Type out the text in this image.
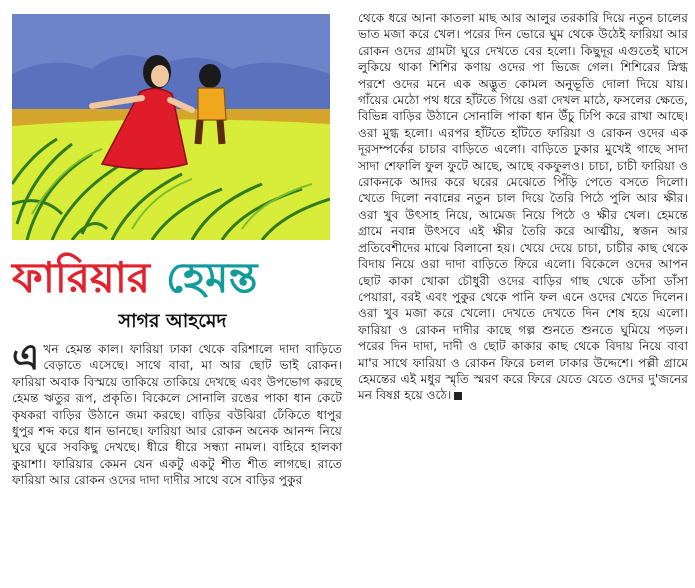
ফারিয়ার হেমন্ত
সাগর আহমেদ
এ খন হেমন্ত কাল। ফারিয়া ঢাকা থেকে বরিশালে দাদা বাড়িতে বেড়াতে এসেছে। সাথে বাবা, মা আর ছোট ভাই রোকন। ফারিয়া অবাক বিস্ময়ে তাকিয়ে তাকিয়ে দেখছে এবং উপভোগ করছে হেমন্ত ঋতুর রূপ, প্রকৃতি। বিকেলে সোনালি রঙের পাকা ধান কেটে কৃষকরা বাড়ির উঠানে জমা করছে। বাড়ির বউঝিরা ঢেঁকিতে ধাপুর ধুপুর শব্দ করে ধান ভানছে। ফারিয়া আর রোকন অনেক আনন্দ নিয়ে ঘুরে ঘুরে সবকিছু দেখছে। ধীরে ধীরে সন্ধ্যা নামল। বাহিরে হালকা কুয়াশা। ফারিয়ার কেমন যেন একটু একটু শীত শীত লাগছে। রাতে ফারিয়া আর রোকন ওদের দাদা দাদীর সাথে বসে বাড়ির পুকুর

থেকে ধরে আনা কাতলা মাছ আর আলুর তরকারি দিয়ে নতুন চালের ভাত মজা করে খেল। পরের দিন ভোরে ঘুম থেকে উঠেই ফারিয়া আর রোকন ওদের গ্রামটা ঘুরে দেখতে বের হলো। কিছুদূর এগুতেই ঘাসে লুকিয়ে থাকা শিশির কণায় ওদের পা ভিজে গেল। শিশিরের স্নিগ্ধ পরশে ওদের মনে এক অদ্ভুত কোমল অনুভূতি দোলা দিয়ে যায়। গাঁয়ের মেঠো পথ ধরে হাঁটতে গিয়ে ওরা দেখল মাঠে, ফসলের ক্ষেতে, বিভিন্ন বাড়ির উঠানে সোনালি পাকা ধান উঁচু ঢিপি করে রাখা আছে। ওরা মুগ্ধ হলো। এরপর হাঁটতে হাঁটতে ফারিয়া ও রোকন ওদের এক দূরসম্পর্কের চাচার বাড়িতে এলো। বাড়িতে ঢুকার মুখেই গাছে সাদা সাদা শেফালি ফুল ফুটে আছে, আছে বকফুলও। চাচা, চাচী ফারিয়া ও রোকনকে আদর করে ঘরের মেঝেতে পিঁড়ি পেতে বসতে দিলো। খেতে দিলো নবান্নের নতুন চাল দিয়ে তৈরি পিঠে পুলি আর ক্ষীর। ওরা খুব উৎসাহ নিয়ে, আমেজ নিয়ে পিঠে ও ক্ষীর খেল। হেমন্তে গ্রামে নবান্ন উৎসবে এই ক্ষীর তৈরি করে আত্মীয়, স্বজন আর প্রতিবেশীদের মাঝে বিলানো হয়। খেয়ে দেয়ে চাচা, চাচীর কাছ থেকে বিদায় নিয়ে ওরা দাদা বাড়িতে ফিরে এলো। বিকেলে ওদের আপন ছোট কাকা খোকা চৌধুরী ওদের বাড়ির গাছ থেকে ডাঁসা ডাঁসা পেয়ারা, বরই এবং পুকুর থেকে পানি ফল এনে ওদের খেতে দিলেন। ওরা খুব মজা করে খেলো। দেখতে দেখতে দিন শেষ হয়ে এলো। ফারিয়া ও রোকন দাদীর কাছে গল্প শুনতে শুনতে ঘুমিয়ে পড়ল। পরের দিন দাদা, দাদী ও ছোট কাকার কাছ থেকে বিদায় নিয়ে বাবা মা'র সাথে ফারিয়া ও রোকন ফিরে চলল ঢাকার উদ্দেশে। পল্লী গ্রামে হেমন্তের এই মধুর স্মৃতি স্মরণ করে ফিরে যেতে যেতে ওদের দু'জনের মন বিষণ্ণ হয়ে ওঠে।
